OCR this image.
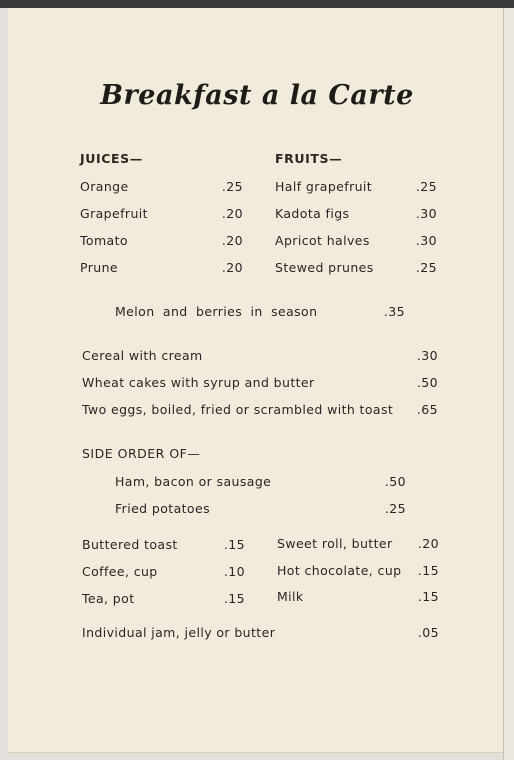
Breakfast a la Carte
JUICES—
Orange	.25
Grapefruit	.20
Tomato	.20
Prune	.20
FRUITS—
Half grapefruit	.25
Kadota figs	.30
Apricot halves	.30
Stewed prunes	.25
Melon and berries in season	.35
Cereal with cream	.30
Wheat cakes with syrup and butter	.50
Two eggs, boiled, fried or scrambled with toast	.65
SIDE ORDER OF—
Ham, bacon or sausage	.50
Fried potatoes	.25
Buttered toast	.15
Coffee, cup	.10
Tea, pot	.15
Sweet roll, butter	.20
Hot chocolate, cup	.15
Milk	.15
Individual jam, jelly or butter	.05
